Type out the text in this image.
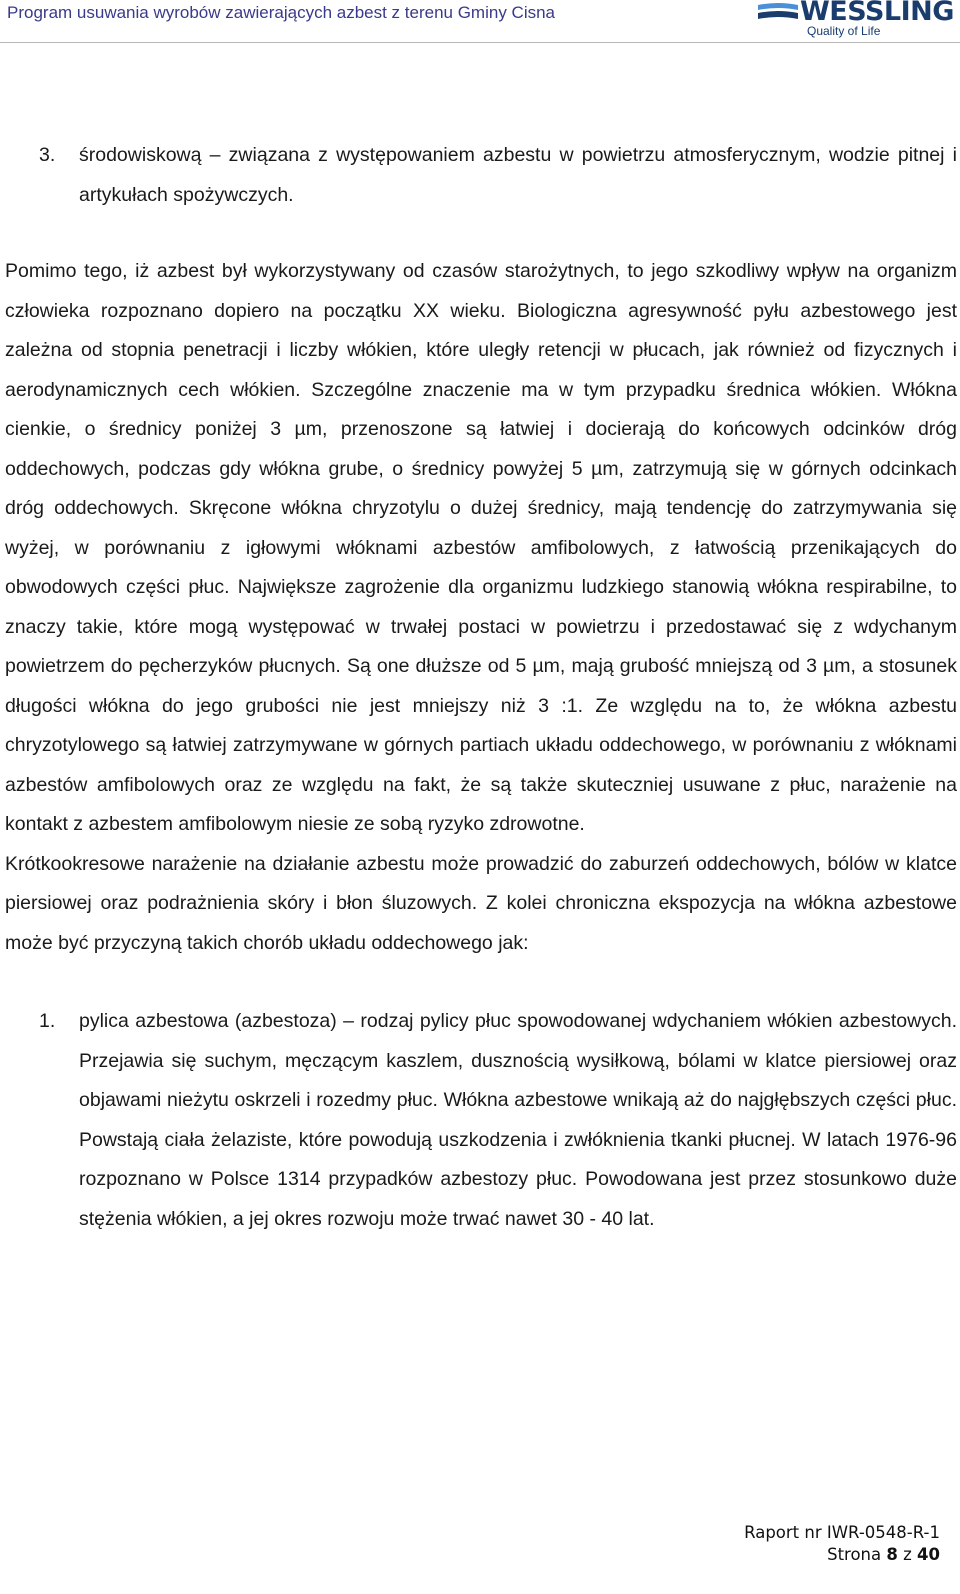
Program usuwania wyrobów zawierających azbest z terenu Gminy Cisna	WESSLING
Quality of Life
3. środowiskową – związana z występowaniem azbestu w powietrzu atmosferycznym, wodzie pitnej i artykułach spożywczych.

Pomimo tego, iż azbest był wykorzystywany od czasów starożytnych, to jego szkodliwy wpływ na organizm człowieka rozpoznano dopiero na początku XX wieku. Biologiczna agresywność pyłu azbestowego jest zależna od stopnia penetracji i liczby włókien, które uległy retencji w płucach, jak również od fizycznych i aerodynamicznych cech włókien. Szczególne znaczenie ma w tym przypadku średnica włókien. Włókna cienkie, o średnicy poniżej 3 µm, przenoszone są łatwiej i docierają do końcowych odcinków dróg oddechowych, podczas gdy włókna grube, o średnicy powyżej 5 µm, zatrzymują się w górnych odcinkach dróg oddechowych. Skręcone włókna chryzotylu o dużej średnicy, mają tendencję do zatrzymywania się wyżej, w porównaniu z igłowymi włóknami azbestów amfibolowych, z łatwością przenikających do obwodowych części płuc. Największe zagrożenie dla organizmu ludzkiego stanowią włókna respirabilne, to znaczy takie, które mogą występować w trwałej postaci w powietrzu i przedostawać się z wdychanym powietrzem do pęcherzyków płucnych. Są one dłuższe od 5 µm, mają grubość mniejszą od 3 µm, a stosunek długości włókna do jego grubości nie jest mniejszy niż 3 :1. Ze względu na to, że włókna azbestu chryzotylowego są łatwiej zatrzymywane w górnych partiach układu oddechowego, w porównaniu z włóknami azbestów amfibolowych oraz ze względu na fakt, że są także skuteczniej usuwane z płuc, narażenie na kontakt z azbestem amfibolowym niesie ze sobą ryzyko zdrowotne.

Krótkookresowe narażenie na działanie azbestu może prowadzić do zaburzeń oddechowych, bólów w klatce piersiowej oraz podrażnienia skóry i błon śluzowych. Z kolei chroniczna ekspozycja na włókna azbestowe może być przyczyną takich chorób układu oddechowego jak:

1. pylica azbestowa (azbestoza) – rodzaj pylicy płuc spowodowanej wdychaniem włókien azbestowych. Przejawia się suchym, męczącym kaszlem, dusznością wysiłkową, bólami w klatce piersiowej oraz objawami nieżytu oskrzeli i rozedmy płuc. Włókna azbestowe wnikają aż do najgłębszych części płuc. Powstają ciała żelaziste, które powodują uszkodzenia i zwłóknienia tkanki płucnej. W latach 1976-96 rozpoznano w Polsce 1314 przypadków azbestozy płuc. Powodowana jest przez stosunkowo duże stężenia włókien, a jej okres rozwoju może trwać nawet 30 - 40 lat.
Raport nr IWR-0548-R-1
Strona 8 z 40
